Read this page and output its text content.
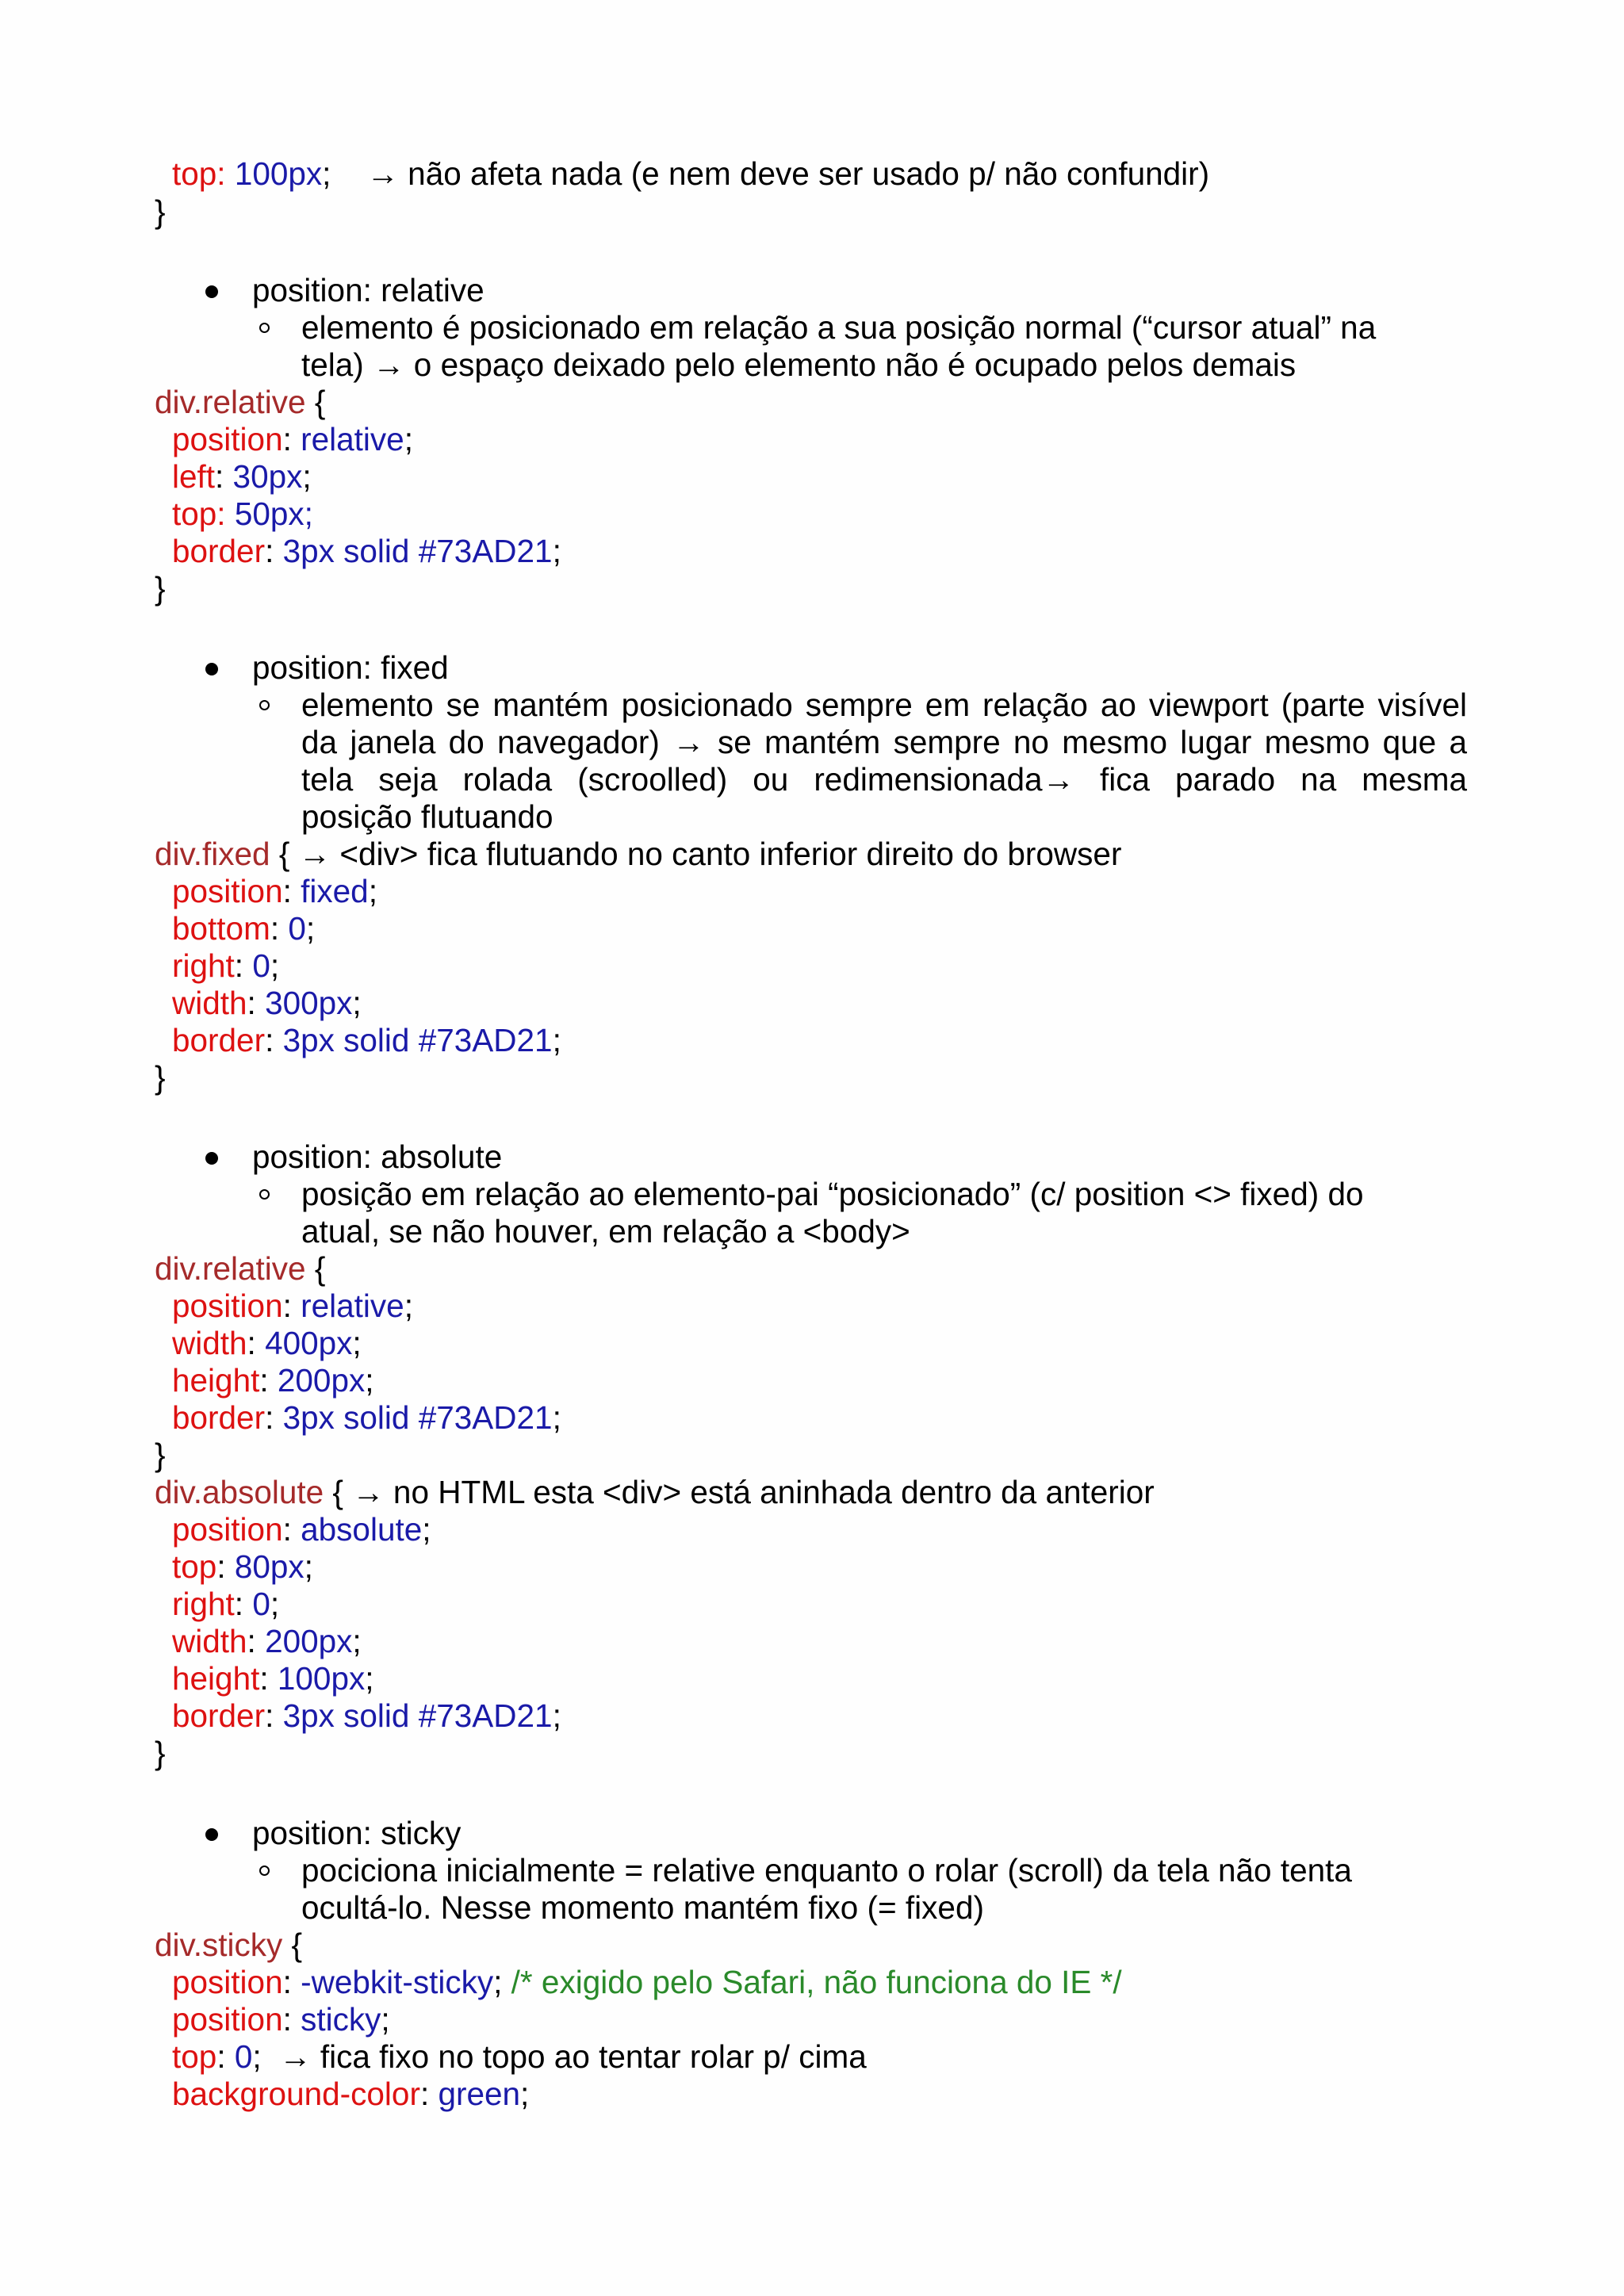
top: 100px;    → não afeta nada (e nem deve ser usado p/ não confundir)
}
position: relative
elemento é posicionado em relação a sua posição normal (“cursor atual” na
tela) → o espaço deixado pelo elemento não é ocupado pelos demais
div.relative {
position: relative;
left: 30px;
top: 50px;
border: 3px solid #73AD21;
}
position: fixed
elemento se mantém posicionado sempre em relação ao viewport (parte visível
da janela do navegador) → se mantém sempre no mesmo lugar mesmo que a
tela seja rolada (scroolled) ou redimensionada→ fica parado na mesma
posição flutuando
div.fixed { → <div> fica flutuando no canto inferior direito do browser
position: fixed;
bottom: 0;
right: 0;
width: 300px;
border: 3px solid #73AD21;
}
position: absolute
posição em relação ao elemento-pai “posicionado” (c/ position <> fixed) do
atual, se não houver, em relação a <body>
div.relative {
position: relative;
width: 400px;
height: 200px;
border: 3px solid #73AD21;
}
div.absolute { → no HTML esta <div> está aninhada dentro da anterior
position: absolute;
top: 80px;
right: 0;
width: 200px;
height: 100px;
border: 3px solid #73AD21;
}
position: sticky
pociciona inicialmente = relative enquanto o rolar (scroll) da tela não tenta
ocultá-lo. Nesse momento mantém fixo (= fixed)
div.sticky {
position: -webkit-sticky; /* exigido pelo Safari, não funciona do IE */
position: sticky;
top: 0;  → fica fixo no topo ao tentar rolar p/ cima
background-color: green;
